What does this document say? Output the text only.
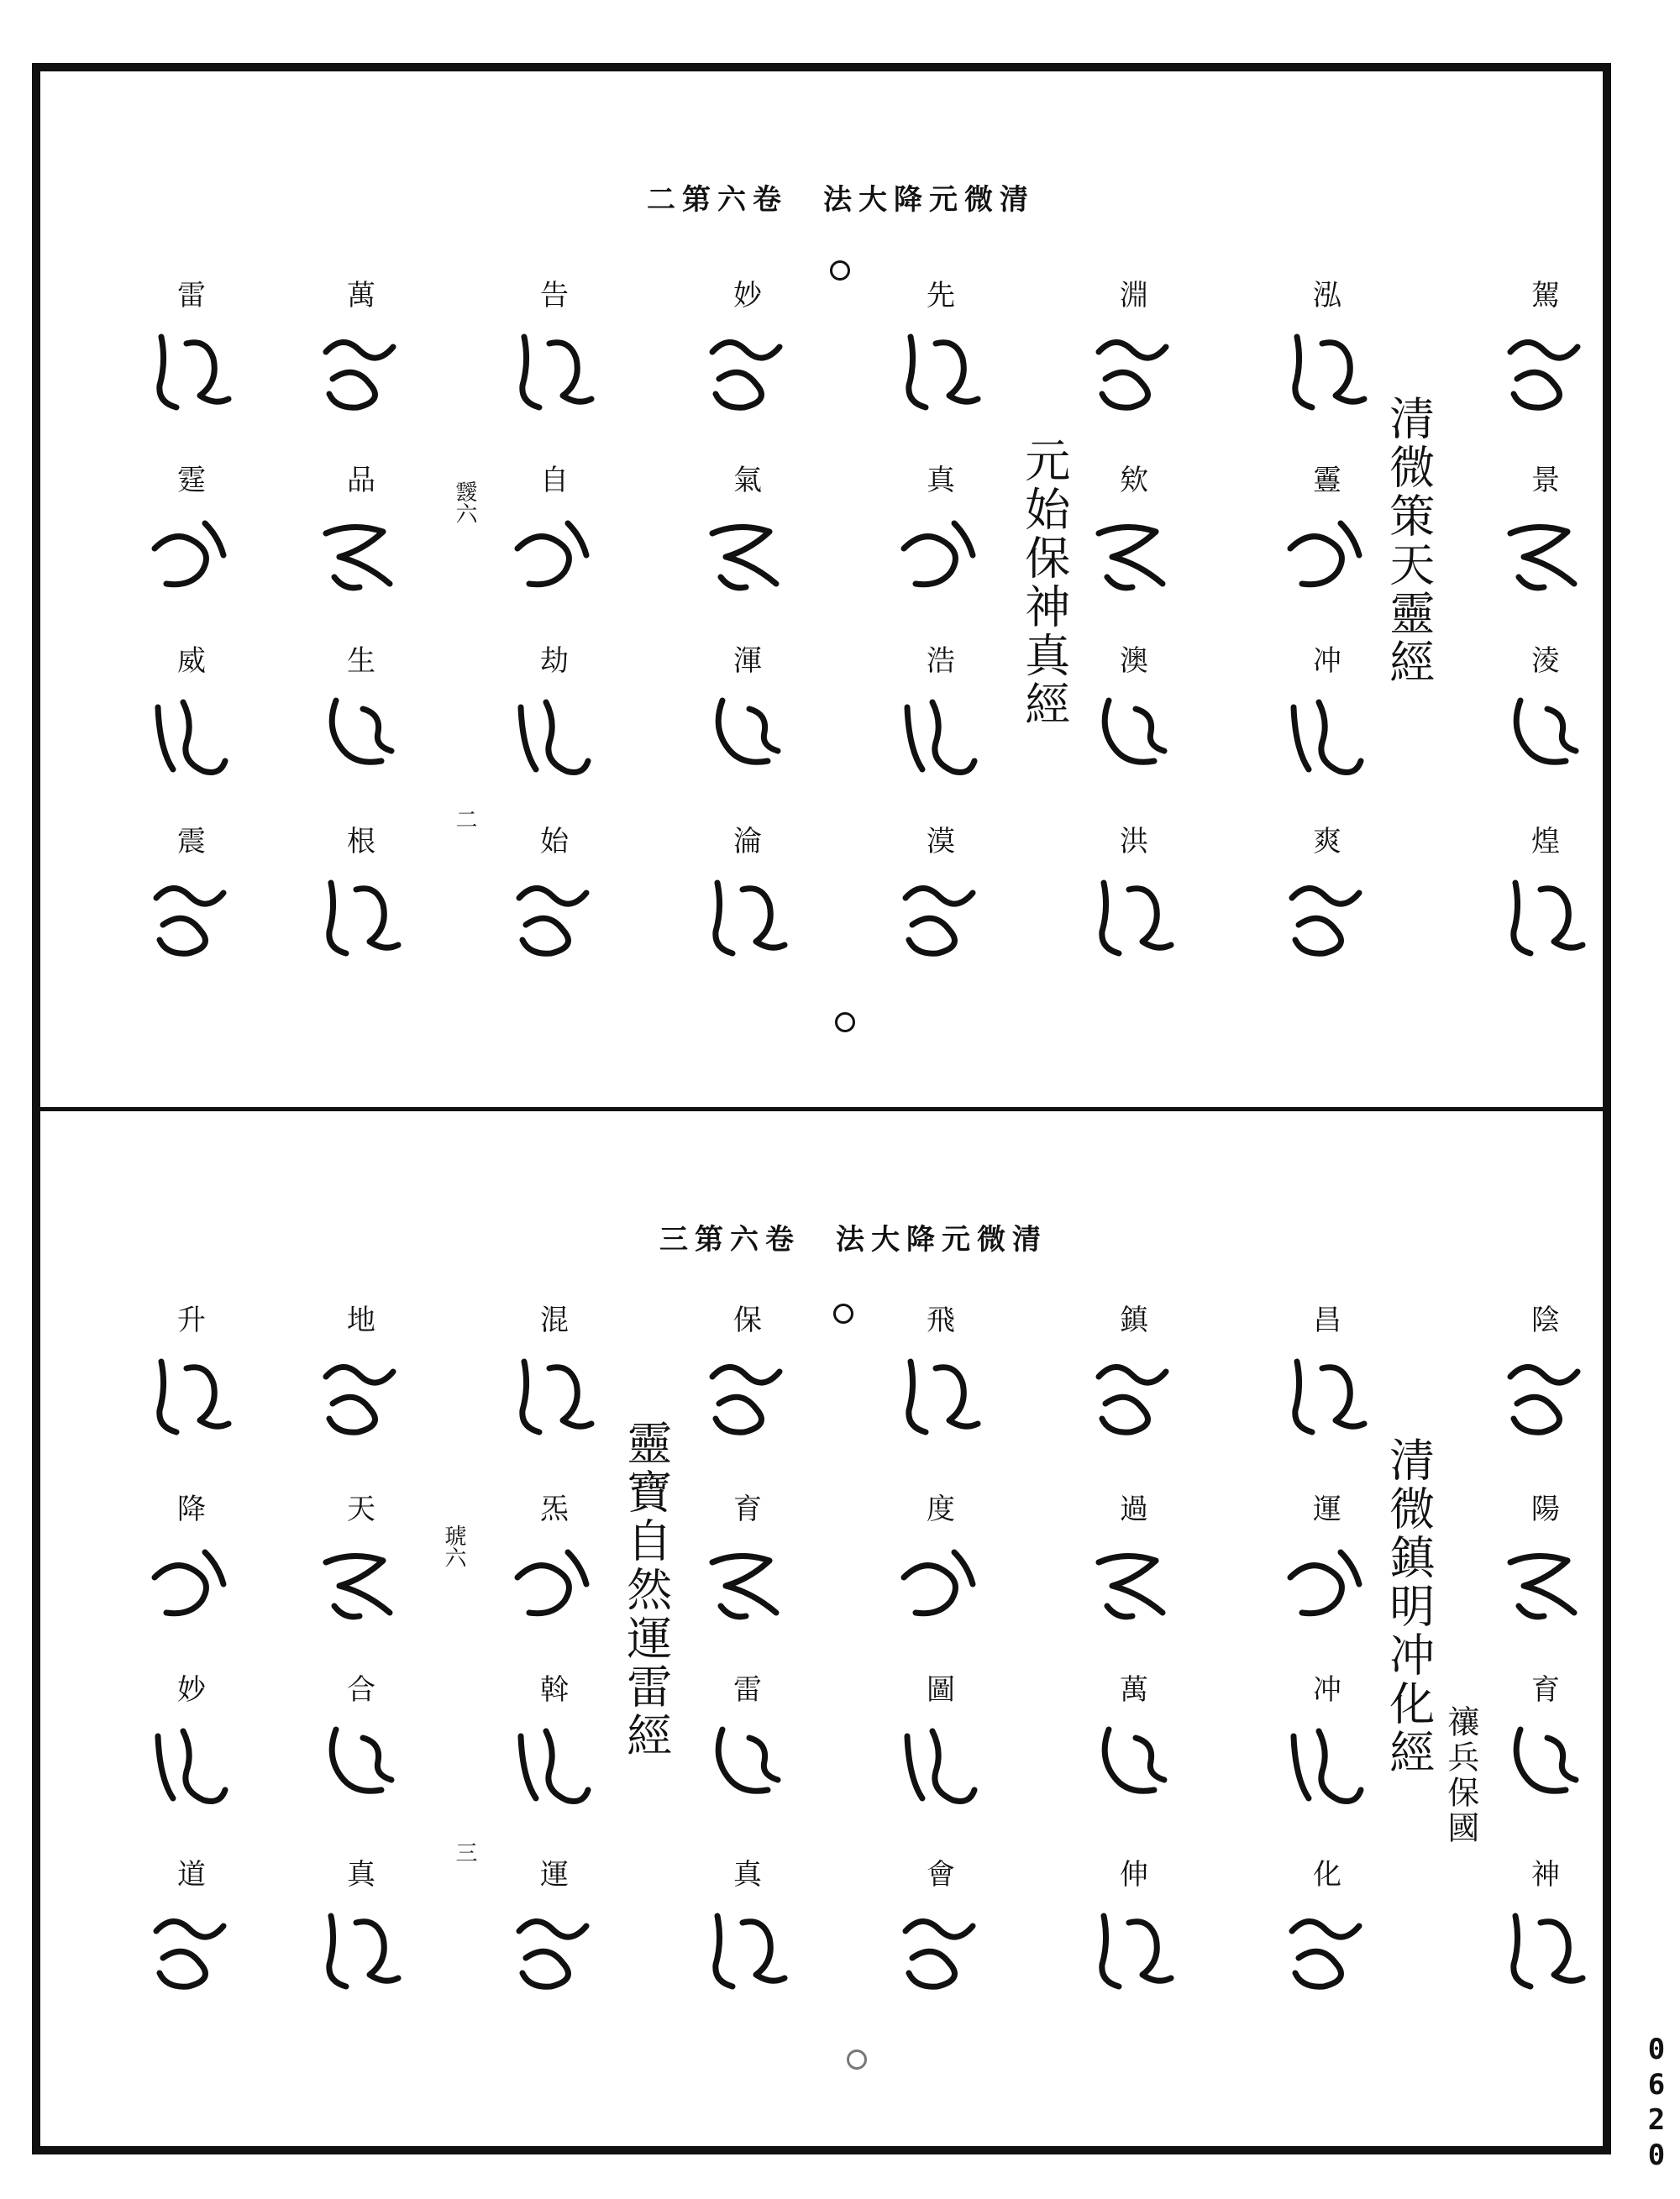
清微元降大法　卷六第二
清微策天靈經
元始保神真經
靉六
二
駕
景
淩
煌
泓
霻
冲
爽
淵
欸
澳
洪
先
真
浩
漠
妙
氣
渾
淪
告
自
劫
始
萬
品
生
根
雷
霆
威
震
清微元降大法　卷六第三
清微鎮明冲化經 禳兵保國
靈寶自然運雷經
琥六
三
陰
陽
育
神
昌
運
冲
化
鎮
過
萬
伸
飛
度
圖
會
保
育
雷
真
混
炁
斡
運
地
天
合
真
升
降
妙
道
0620
